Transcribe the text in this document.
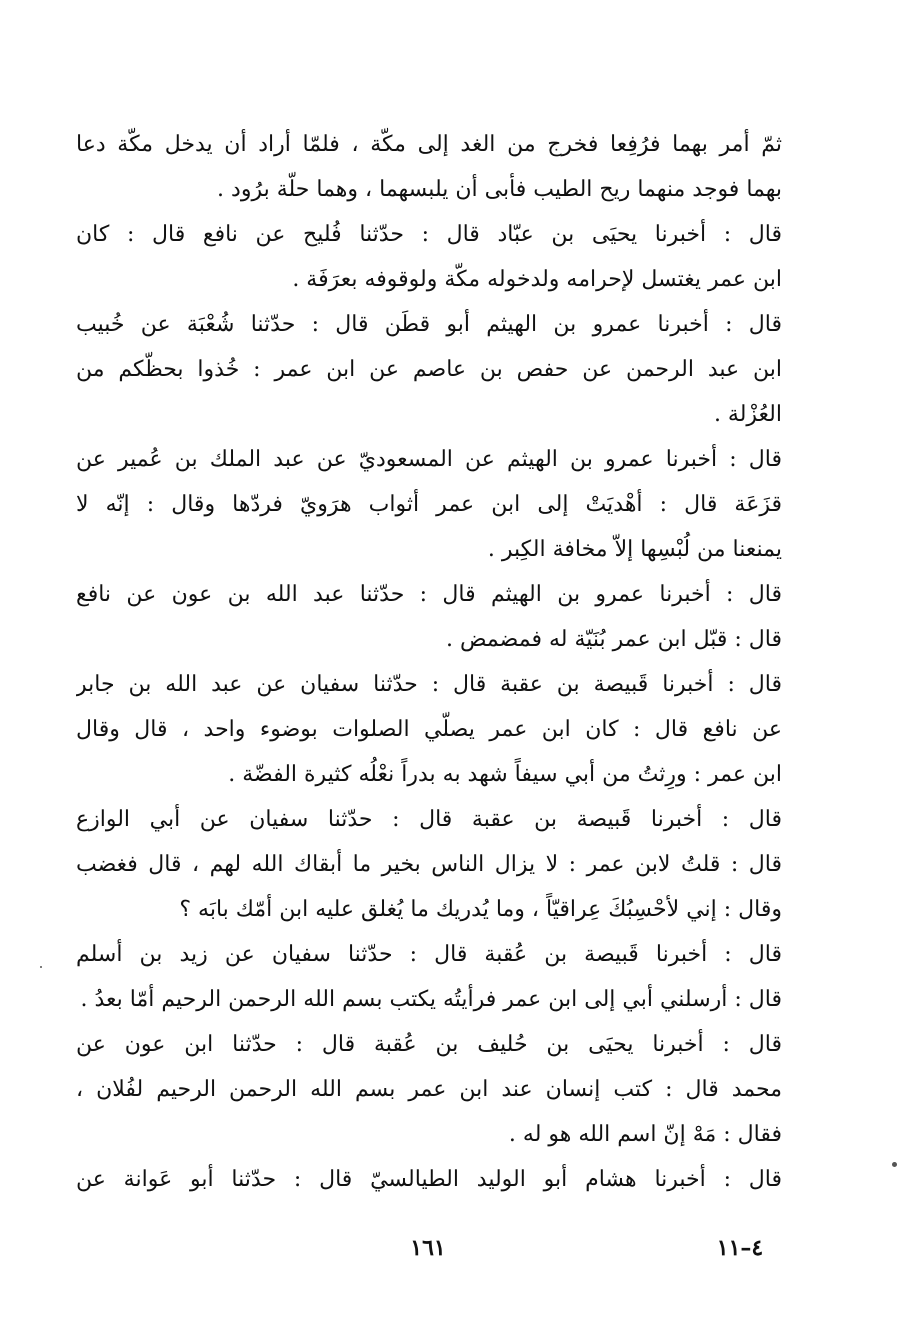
ثمّ أمر بهما فرُفِعا فخرج من الغد إلى مكّة ، فلمّا أراد أن يدخل مكّة دعا
بهما فوجد منهما ريح الطيب فأبى أن يلبسهما ، وهما حلّة برُود .
قال : أخبرنا يحيَى بن عبّاد قال : حدّثنا فُليح عن نافع قال : كان
ابن عمر يغتسل لإحرامه ولدخوله مكّة ولوقوفه بعرَفَة .
قال : أخبرنا عمرو بن الهيثم أبو قطَن قال : حدّثنا شُعْبَة عن خُبيب
ابن عبد الرحمن عن حفص بن عاصم عن ابن عمر : خُذوا بحظّكم من
العُزْلة .
قال : أخبرنا عمرو بن الهيثم عن المسعوديّ عن عبد الملك بن عُمير عن
قزَعَة قال : أهْديَتْ إلى ابن عمر أثواب هرَويّ فردّها وقال : إنّه لا
يمنعنا من لُبْسِها إلاّ مخافة الكِبر .
قال : أخبرنا عمرو بن الهيثم قال : حدّثنا عبد الله بن عون عن نافع
قال : قبّل ابن عمر بُنَيّة له فمضمض .
قال : أخبرنا قَبيصة بن عقبة قال : حدّثنا سفيان عن عبد الله بن جابر
عن نافع قال : كان ابن عمر يصلّي الصلوات بوضوء واحد ، قال وقال
ابن عمر : ورِثتُ من أبي سيفاً شهد به بدراً نعْلُه كثيرة الفضّة .
قال : أخبرنا قَبيصة بن عقبة قال : حدّثنا سفيان عن أبي الوازع
قال : قلتُ لابن عمر : لا يزال الناس بخير ما أبقاك الله لهم ، قال فغضب
وقال : إني لأحْسِبُكَ عِراقيّاً ، وما يُدريك ما يُغلق عليه ابن أمّك بابَه ؟
قال : أخبرنا قَبيصة بن عُقبة قال : حدّثنا سفيان عن زيد بن أسلم
قال : أرسلني أبي إلى ابن عمر فرأيتُه يكتب بسم الله الرحمن الرحيم أمّا بعدُ .
قال : أخبرنا يحيَى بن حُليف بن عُقبة قال : حدّثنا ابن عون عن
محمد قال : كتب إنسان عند ابن عمر بسم الله الرحمن الرحيم لفُلان ،
فقال : مَهْ إنّ اسم الله هو له .
قال : أخبرنا هشام أبو الوليد الطيالسيّ قال : حدّثنا أبو عَوانة عن
١٦١	٤–١١
